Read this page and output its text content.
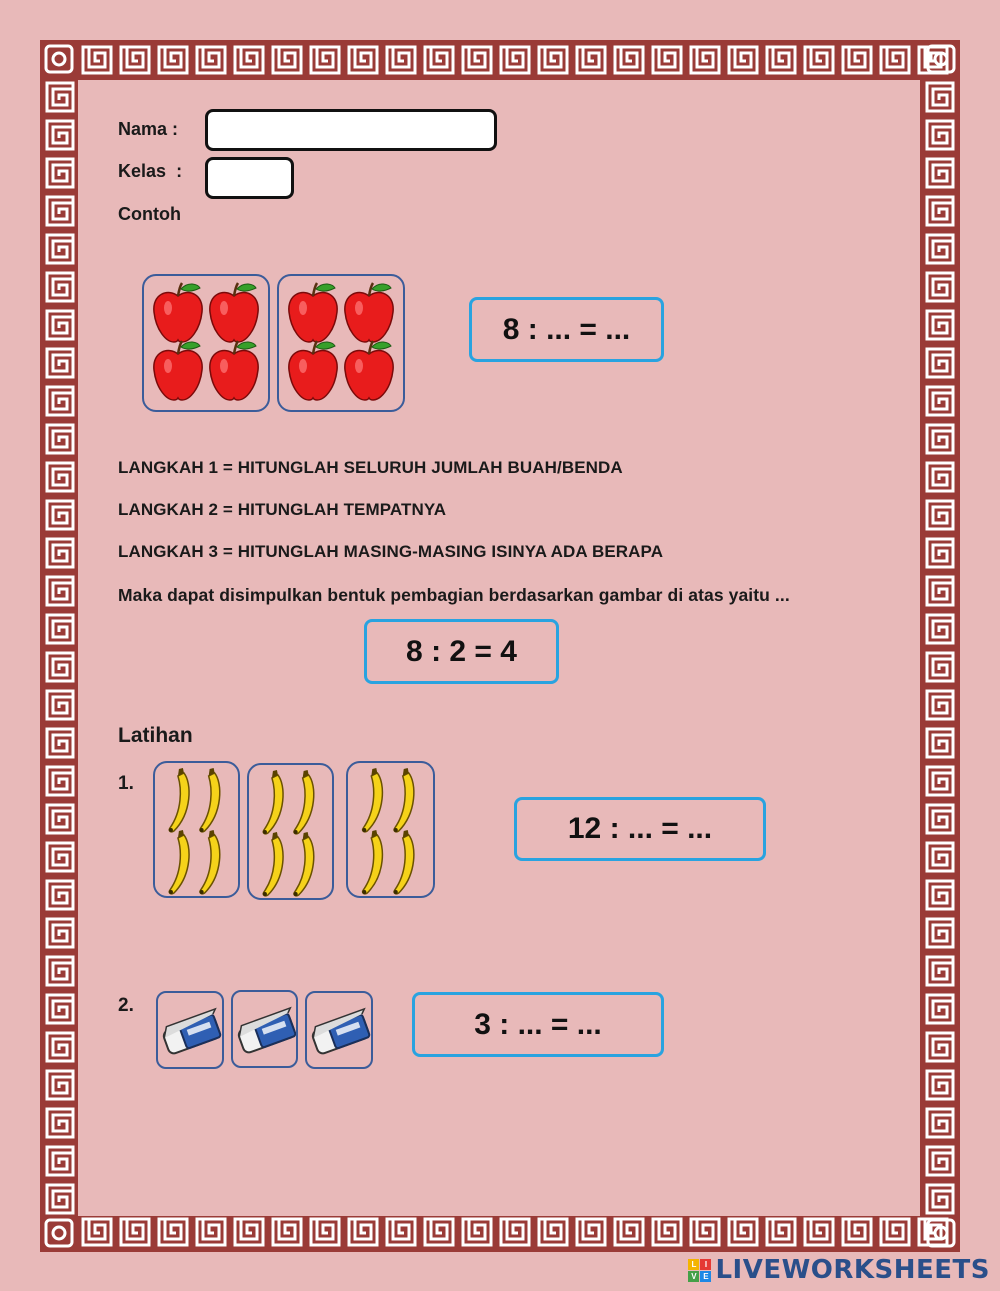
Nama :
Kelas :
Contoh
8 : ... = ...
LANGKAH 1 = HITUNGLAH SELURUH JUMLAH BUAH/BENDA
LANGKAH 2 = HITUNGLAH TEMPATNYA
LANGKAH 3 = HITUNGLAH MASING-MASING ISINYA ADA BERAPA
Maka dapat disimpulkan bentuk pembagian berdasarkan gambar di atas yaitu ...
8 : 2 = 4
Latihan
1.
12 : ... = ...
2.
3 : ... = ...
L	I
V E LIVEWORKSHEETS
